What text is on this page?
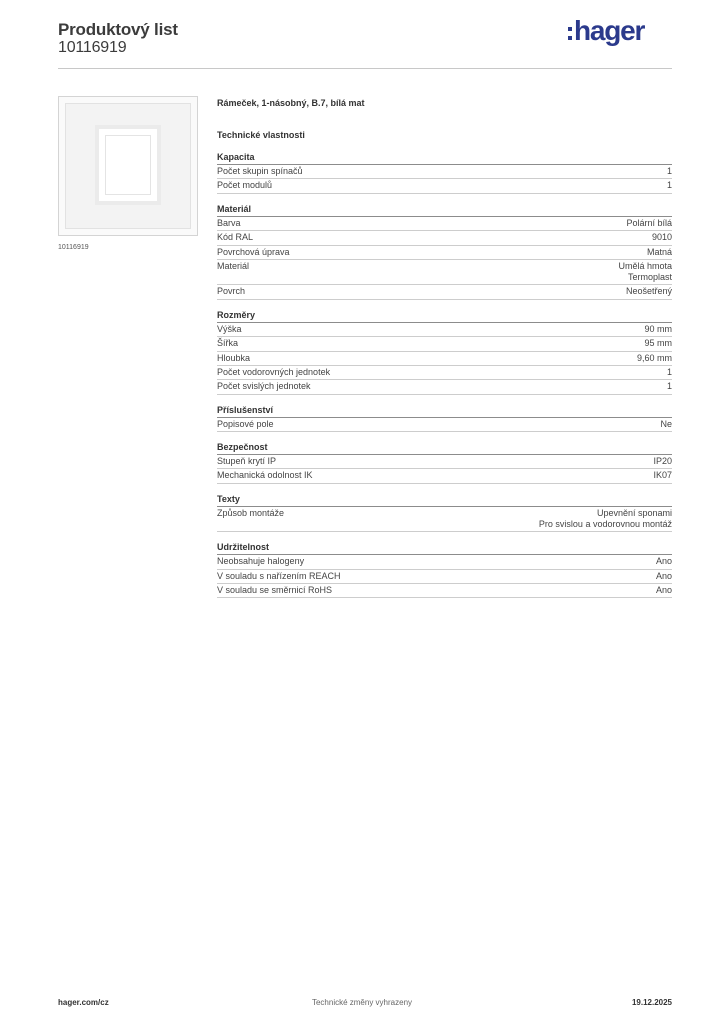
Produktový list
10116919
hager
10116919
Rámeček, 1-násobný, B.7, bílá mat
Technické vlastnosti
Kapacita
Počet skupin spínačů	1
Počet modulů	1
Materiál
Barva	Polární bílá
Kód RAL	9010
Povrchová úprava	Matná
Materiál	Umělá hmota
Termoplast
Povrch	Neošetřený
Rozměry
Výška	90 mm
Šířka	95 mm
Hloubka	9,60 mm
Počet vodorovných jednotek	1
Počet svislých jednotek	1
Příslušenství
Popisové pole	Ne
Bezpečnost
Stupeň krytí IP	IP20
Mechanická odolnost IK	IK07
Texty
Způsob montáže	Upevnění sponami
Pro svislou a vodorovnou montáž
Udržitelnost
Neobsahuje halogeny	Ano
V souladu s nařízením REACH	Ano
V souladu se směrnicí RoHS	Ano
hager.com/cz	Technické změny vyhrazeny	19.12.2025
